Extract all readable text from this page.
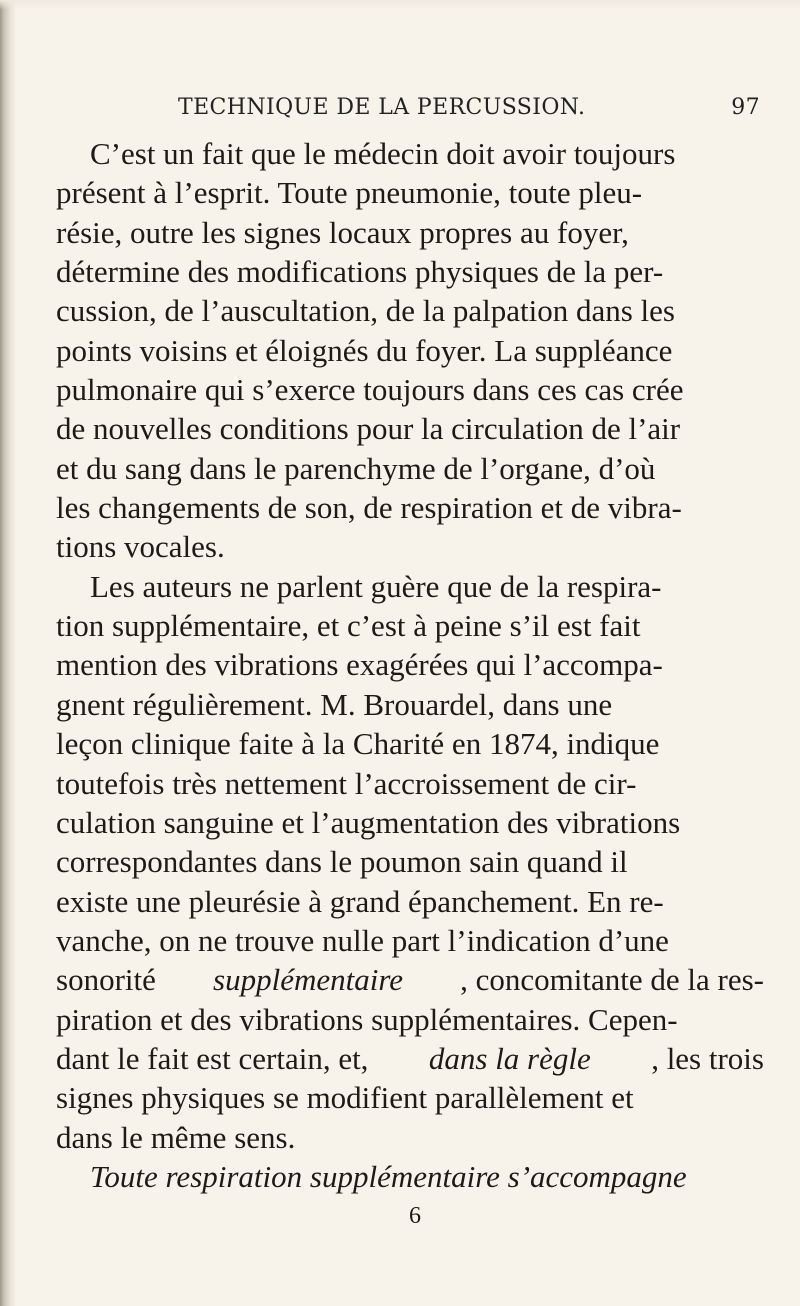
TECHNIQUE DE LA PERCUSSION.	97
C’est un fait que le médecin doit avoir toujours
présent à l’esprit. Toute pneumonie, toute pleu-
résie, outre les signes locaux propres au foyer,
détermine des modifications physiques de la per-
cussion, de l’auscultation, de la palpation dans les
points voisins et éloignés du foyer. La suppléance
pulmonaire qui s’exerce toujours dans ces cas crée
de nouvelles conditions pour la circulation de l’air
et du sang dans le parenchyme de l’organe, d’où
les changements de son, de respiration et de vibra-
tions vocales.
Les auteurs ne parlent guère que de la respira-
tion supplémentaire, et c’est à peine s’il est fait
mention des vibrations exagérées qui l’accompa-
gnent régulièrement. M. Brouardel, dans une
leçon clinique faite à la Charité en 1874, indique
toutefois très nettement l’accroissement de cir-
culation sanguine et l’augmentation des vibrations
correspondantes dans le poumon sain quand il
existe une pleurésie à grand épanchement. En re-
vanche, on ne trouve nulle part l’indication d’une
sonorité supplémentaire , concomitante de la res-
piration et des vibrations supplémentaires. Cepen-
dant le fait est certain, et, dans la règle , les trois
signes physiques se modifient parallèlement et
dans le même sens.
Toute respiration supplémentaire s’accompagne
6
